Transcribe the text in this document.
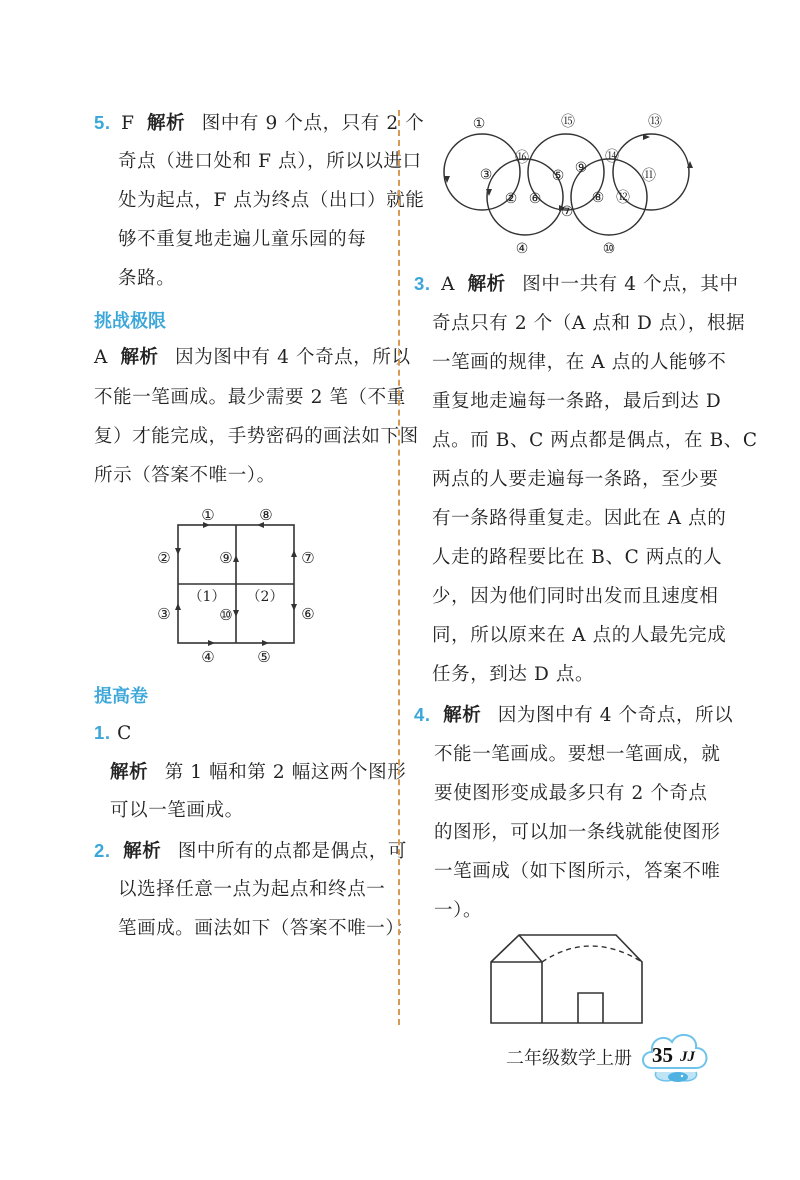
5. F 解析 图中有 9 个点，只有 2 个
奇点（进口处和 F 点），所以以进口
处为起点，F 点为终点（出口）就能
够不重复地走遍儿童乐园的每
条路。
挑战极限
A 解析 因为图中有 4 个奇点，所以
不能一笔画成。最少需要 2 笔（不重
复）才能完成，手势密码的画法如下图
所示（答案不唯一）。
①	⑧
②
③
⑦
⑥
④	⑤
⑨
⑩
（1） （2）
提高卷
1. C
解析 第 1 幅和第 2 幅这两个图形
可以一笔画成。
2. 解析 图中所有的点都是偶点，可
以选择任意一点为起点和终点一
笔画成。画法如下（答案不唯一）：
①	⑮	⑬
⑯	⑭
③	⑤ ⑨	⑪
② ⑥	⑧ ⑫
⑦
④	⑩
3. A 解析 图中一共有 4 个点，其中
奇点只有 2 个（A 点和 D 点），根据
一笔画的规律，在 A 点的人能够不
重复地走遍每一条路，最后到达 D
点。而 B、C 两点都是偶点，在 B、C
两点的人要走遍每一条路，至少要
有一条路得重复走。因此在 A 点的
人走的路程要比在 B、C 两点的人
少，因为他们同时出发而且速度相
同，所以原来在 A 点的人最先完成
任务，到达 D 点。
4. 解析 因为图中有 4 个奇点，所以
不能一笔画成。要想一笔画成，就
要使图形变成最多只有 2 个奇点
的图形，可以加一条线就能使图形
一笔画成（如下图所示，答案不唯
一）。
二年级数学上册 35 JJ
